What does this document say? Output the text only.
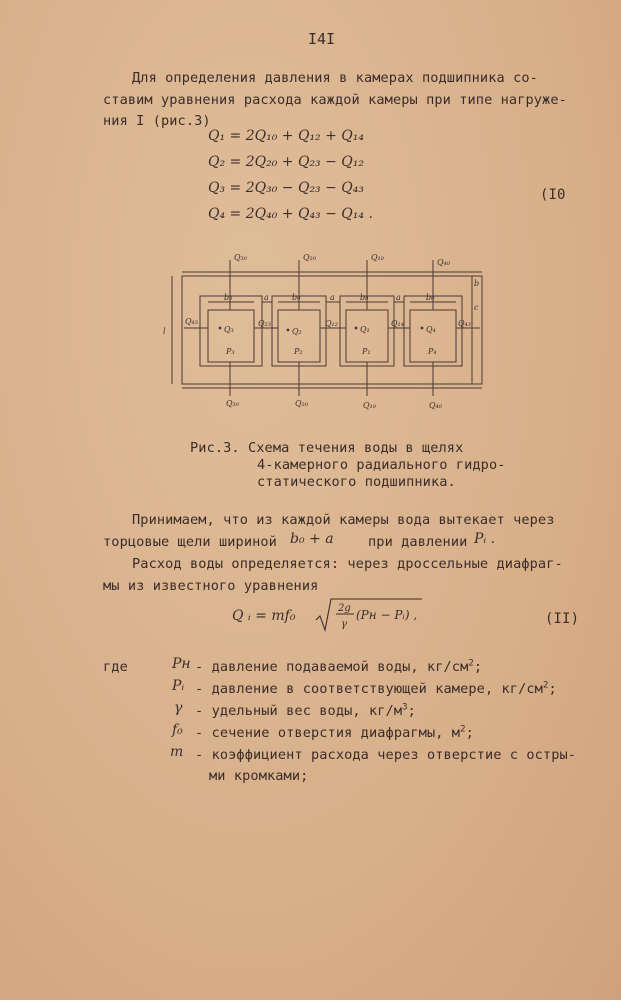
I4I
Для определения давления в камерах подшипника со-
ставим уравнения расхода каждой камеры при типе нагруже-
ния I (рис.3)
Q₁ = 2Q₁₀ + Q₁₂ + Q₁₄
Q₂ = 2Q₂₀ + Q₂₃ − Q₁₂
Q₃ = 2Q₃₀ − Q₂₃ − Q₄₃
Q₄ = 2Q₄₀ + Q₄₃ − Q₁₄ .
(I0
Q₃₀	Q₂₀	Q₁₀
Q₄₀
Q₃₀	Q₂₀	Q₁₀	Q₄₀
b₀	b₀	b₀	b₀
a	a	a
Q₃	Q₂	Q₁	Q₄
P₃	P₂	P₁	P₄
Q₄₃	Q₂₃	Q₁₂	Q₁₄	Q₄₃
l
b
c
Рис.3. Схема течения воды в щелях
4-камерного радиального гидро-
статического подшипника.
Принимаем, что из каждой камеры вода вытекает через
торцовые щели шириной b₀ + a	при давлении Pᵢ .
Расход воды определяется: через дроссельные диафраг-
мы из известного уравнения
Q ᵢ = mf₀	2g
γ
(Pн − Pᵢ) ,	(II)
где	Pн - давление подаваемой воды, $кг/см^2$;
Pᵢ - давление в соответствующей камере, $кг/см^2$;
γ - удельный вес воды, $кг/м^3$;
f₀ - сечение отверстия диафрагмы, $м^2$;
m - коэффициент расхода через отверстие с остры-
ми кромками;
